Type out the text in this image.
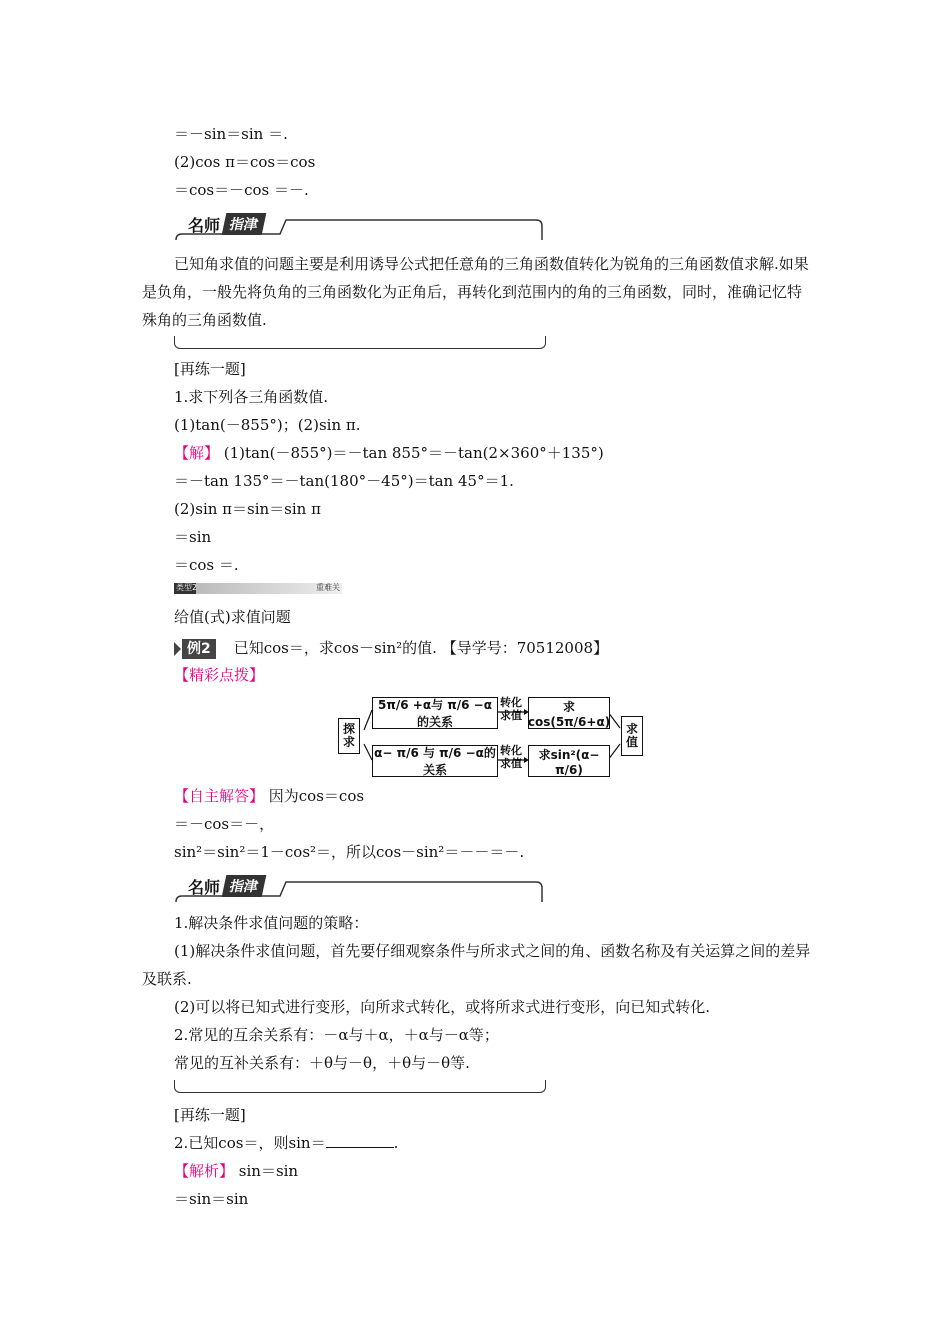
＝－sin＝sin ＝.
(2)cos π＝cos＝cos
＝cos＝－cos ＝－.
名师 指津
已知角求值的问题主要是利用诱导公式把任意角的三角函数值转化为锐角的三角函数值求解.如果是负角，一般先将负角的三角函数化为正角后，再转化到范围内的角的三角函数，同时，准确记忆特殊角的三角函数值.
[再练一题]
1.求下列各三角函数值.
(1)tan(－855°)；(2)sin π.
【解】 (1)tan(－855°)＝－tan 855°＝－tan(2×360°＋135°)
＝－tan 135°＝－tan(180°－45°)＝tan 45°＝1.
(2)sin π＝sin＝sin π
＝sin
＝cos ＝.
类型2	重难关
给值(式)求值问题
例2 已知cos＝，求cos－sin²的值. 【导学号：70512008】
【精彩点拨】
探求
5π/6 +α与 π/6 −α的关系
转化求值
求cos(5π/6+α)
α− π/6 与 π/6 −α的关系
转化求值
求sin²(α− π/6)
求值
【自主解答】 因为cos＝cos
＝－cos＝－，
sin²＝sin²＝1－cos²＝，所以cos－sin²＝－－＝－.
名师 指津
1.解决条件求值问题的策略：
(1)解决条件求值问题，首先要仔细观察条件与所求式之间的角、函数名称及有关运算之间的差异及联系.
(2)可以将已知式进行变形，向所求式转化，或将所求式进行变形，向已知式转化.
2.常见的互余关系有：－α与＋α，＋α与－α等；
常见的互补关系有：＋θ与－θ，＋θ与－θ等.
[再练一题]
2.已知cos＝，则sin＝	.
【解析】 sin＝sin
＝sin＝sin
